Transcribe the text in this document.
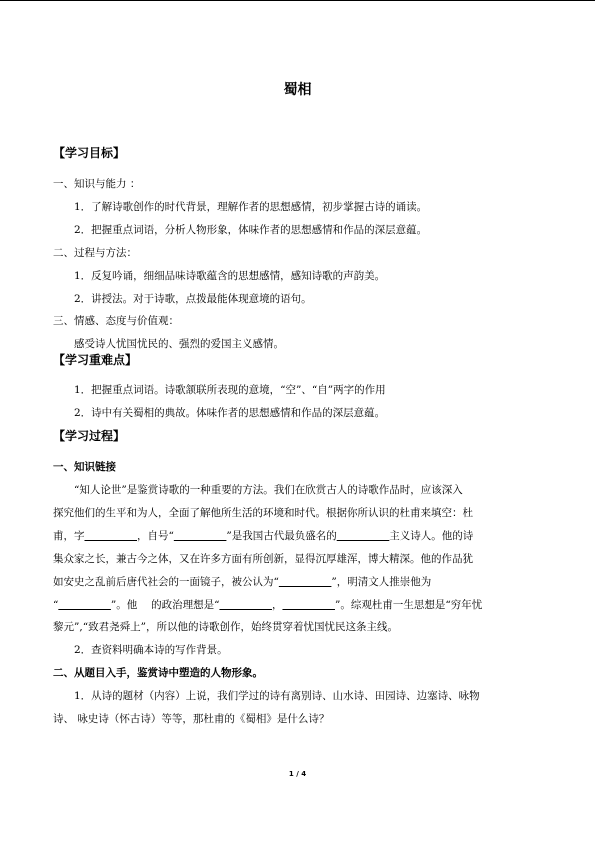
蜀相
【学习目标】
一、知识与能力 ：
1．了解诗歌创作的时代背景，理解作者的思想感情，初步掌握古诗的诵读。
2．把握重点词语，分析人物形象，体味作者的思想感情和作品的深层意蕴。
二、过程与方法：
1．反复吟诵，细细品味诗歌蕴含的思想感情，感知诗歌的声韵美。
2．讲授法。对于诗歌，点拨最能体现意境的语句。
三、情感、态度与价值观：
感受诗人忧国忧民的、强烈的爱国主义感情。
【学习重难点】
1．把握重点词语。诗歌颔联所表现的意境，“空”、“自”两字的作用
2．诗中有关蜀相的典故。体味作者的思想感情和作品的深层意蕴。
【学习过程】
一、知识链接
“知人论世”是鉴赏诗歌的一种重要的方法。我们在欣赏古人的诗歌作品时，应该深入
探究他们的生平和为人，全面了解他所生活的环境和时代。根据你所认识的杜甫来填空：杜
甫，字＿＿＿＿＿，自号“＿＿＿＿＿”是我国古代最负盛名的＿＿＿＿＿主义诗人。他的诗
集众家之长，兼古今之体，又在许多方面有所创新，显得沉厚雄浑，博大精深。他的作品犹
如安史之乱前后唐代社会的一面镜子，被公认为“＿＿＿＿＿”，明清文人推崇他为
“＿＿＿＿＿”。他　 的政治理想是“＿＿＿＿＿，＿＿＿＿＿”。综观杜甫一生思想是“穷年忧
黎元”,“致君尧舜上”，所以他的诗歌创作，始终贯穿着忧国忧民这条主线。
2．查资料明确本诗的写作背景。
二、从题目入手，鉴赏诗中塑造的人物形象。
1．从诗的题材（内容）上说，我们学过的诗有离别诗、山水诗、田园诗、边塞诗、咏物
诗、 咏史诗（怀古诗）等等，那杜甫的《蜀相》是什么诗？
1 / 4
